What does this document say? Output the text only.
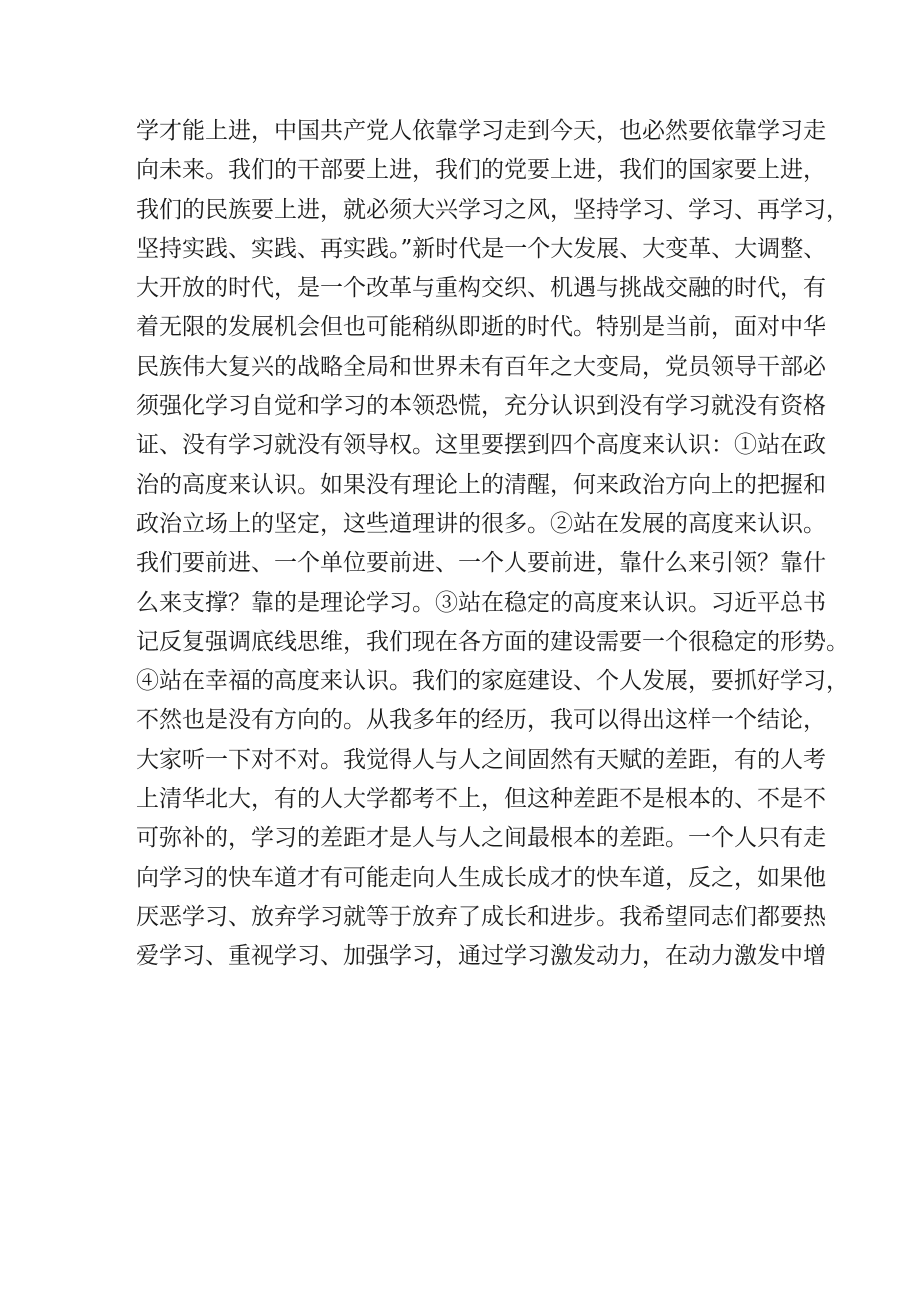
学才能上进，中国共产党人依靠学习走到今天，也必然要依靠学习走
向未来。我们的干部要上进，我们的党要上进，我们的国家要上进，
我们的民族要上进，就必须大兴学习之风，坚持学习、学习、再学习，
坚持实践、实践、再实践。”新时代是一个大发展、大变革、大调整、
大开放的时代，是一个改革与重构交织、机遇与挑战交融的时代，有
着无限的发展机会但也可能稍纵即逝的时代。特别是当前，面对中华
民族伟大复兴的战略全局和世界未有百年之大变局，党员领导干部必
须强化学习自觉和学习的本领恐慌，充分认识到没有学习就没有资格
证、没有学习就没有领导权。这里要摆到四个高度来认识：①站在政
治的高度来认识。如果没有理论上的清醒，何来政治方向上的把握和
政治立场上的坚定，这些道理讲的很多。②站在发展的高度来认识。
我们要前进、一个单位要前进、一个人要前进，靠什么来引领？靠什
么来支撑？靠的是理论学习。③站在稳定的高度来认识。习近平总书
记反复强调底线思维，我们现在各方面的建设需要一个很稳定的形势。
④站在幸福的高度来认识。我们的家庭建设、个人发展，要抓好学习，
不然也是没有方向的。从我多年的经历，我可以得出这样一个结论，
大家听一下对不对。我觉得人与人之间固然有天赋的差距，有的人考
上清华北大，有的人大学都考不上，但这种差距不是根本的、不是不
可弥补的，学习的差距才是人与人之间最根本的差距。一个人只有走
向学习的快车道才有可能走向人生成长成才的快车道，反之，如果他
厌恶学习、放弃学习就等于放弃了成长和进步。我希望同志们都要热
爱学习、重视学习、加强学习，通过学习激发动力，在动力激发中增
